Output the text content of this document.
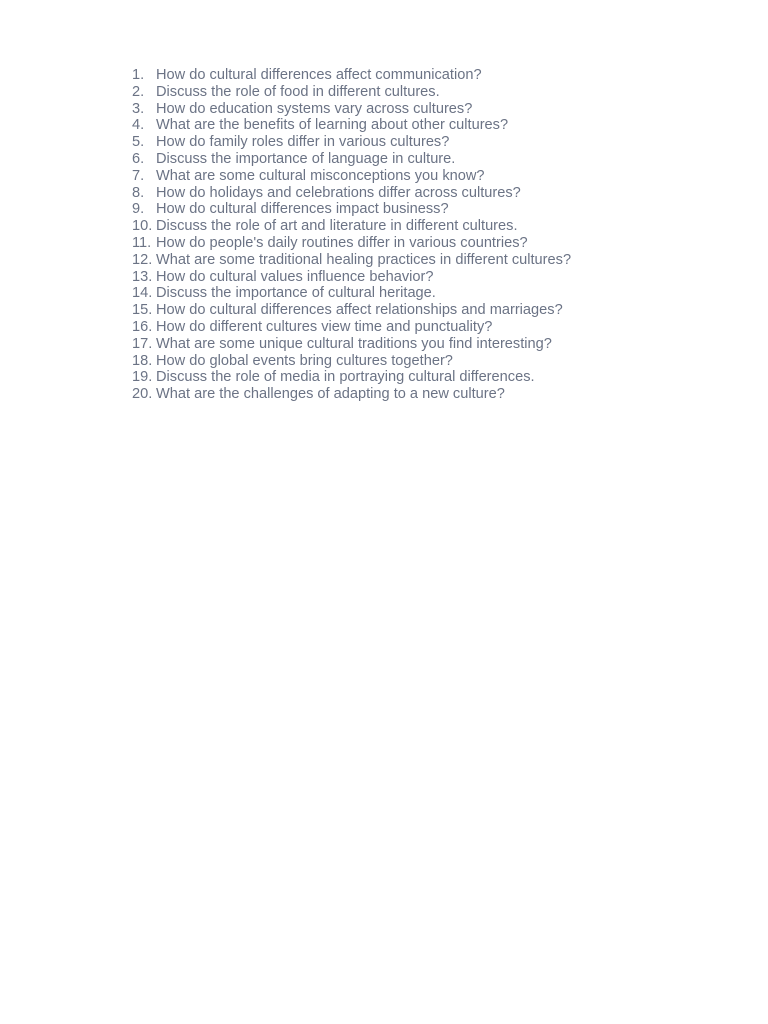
1. How do cultural differences affect communication?
2. Discuss the role of food in different cultures.
3. How do education systems vary across cultures?
4. What are the benefits of learning about other cultures?
5. How do family roles differ in various cultures?
6. Discuss the importance of language in culture.
7. What are some cultural misconceptions you know?
8. How do holidays and celebrations differ across cultures?
9. How do cultural differences impact business?
10. Discuss the role of art and literature in different cultures.
11. How do people's daily routines differ in various countries?
12. What are some traditional healing practices in different cultures?
13. How do cultural values influence behavior?
14. Discuss the importance of cultural heritage.
15. How do cultural differences affect relationships and marriages?
16. How do different cultures view time and punctuality?
17. What are some unique cultural traditions you find interesting?
18. How do global events bring cultures together?
19. Discuss the role of media in portraying cultural differences.
20. What are the challenges of adapting to a new culture?
